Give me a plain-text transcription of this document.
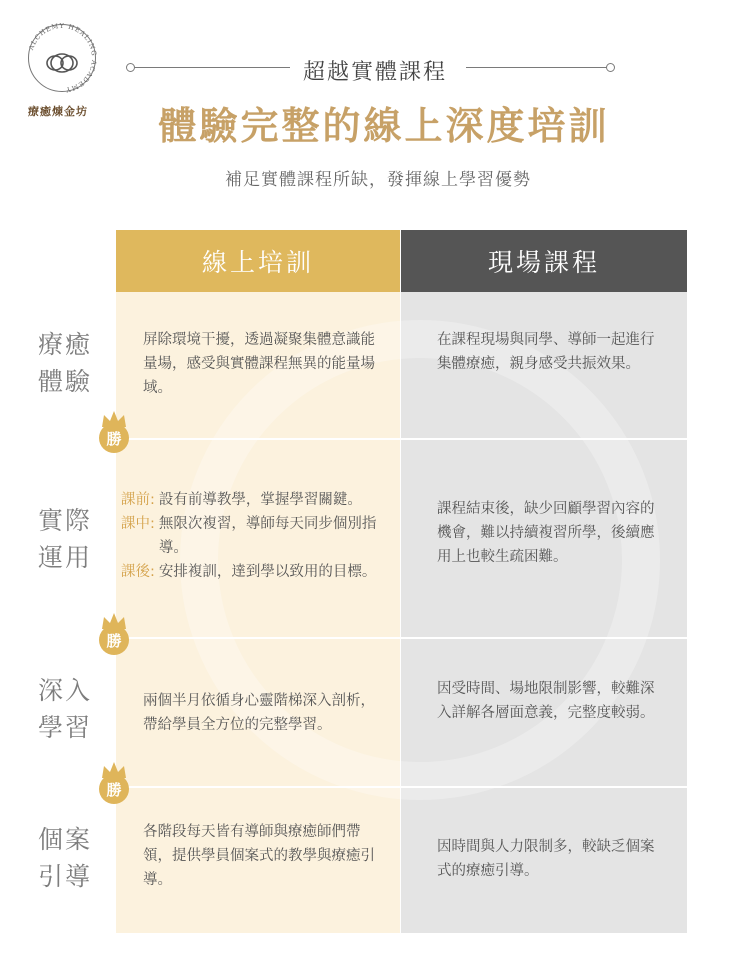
ALCHEMY HEALING ACADEMY
療癒煉金坊
超越實體課程
體驗完整的線上深度培訓
補足實體課程所缺，發揮線上學習優勢
線上培訓	現場課程
療癒
體驗
實際
運用
深入
學習
個案
引導
屏除環境干擾，透過凝聚集體意識能量場，感受與實體課程無異的能量場域。
在課程現場與同學、導師一起進行集體療癒，親身感受共振效果。
課前: 設有前導教學，掌握學習關鍵。
課中: 無限次複習，導師每天同步個別指導。
課後: 安排複訓，達到學以致用的目標。
課程結束後，缺少回顧學習內容的機會，難以持續複習所學，後續應用上也較生疏困難。
兩個半月依循身心靈階梯深入剖析，帶給學員全方位的完整學習。
因受時間、場地限制影響，較難深入詳解各層面意義，完整度較弱。
各階段每天皆有導師與療癒師們帶領，提供學員個案式的教學與療癒引導。
因時間與人力限制多，較缺乏個案式的療癒引導。
勝
勝
勝
